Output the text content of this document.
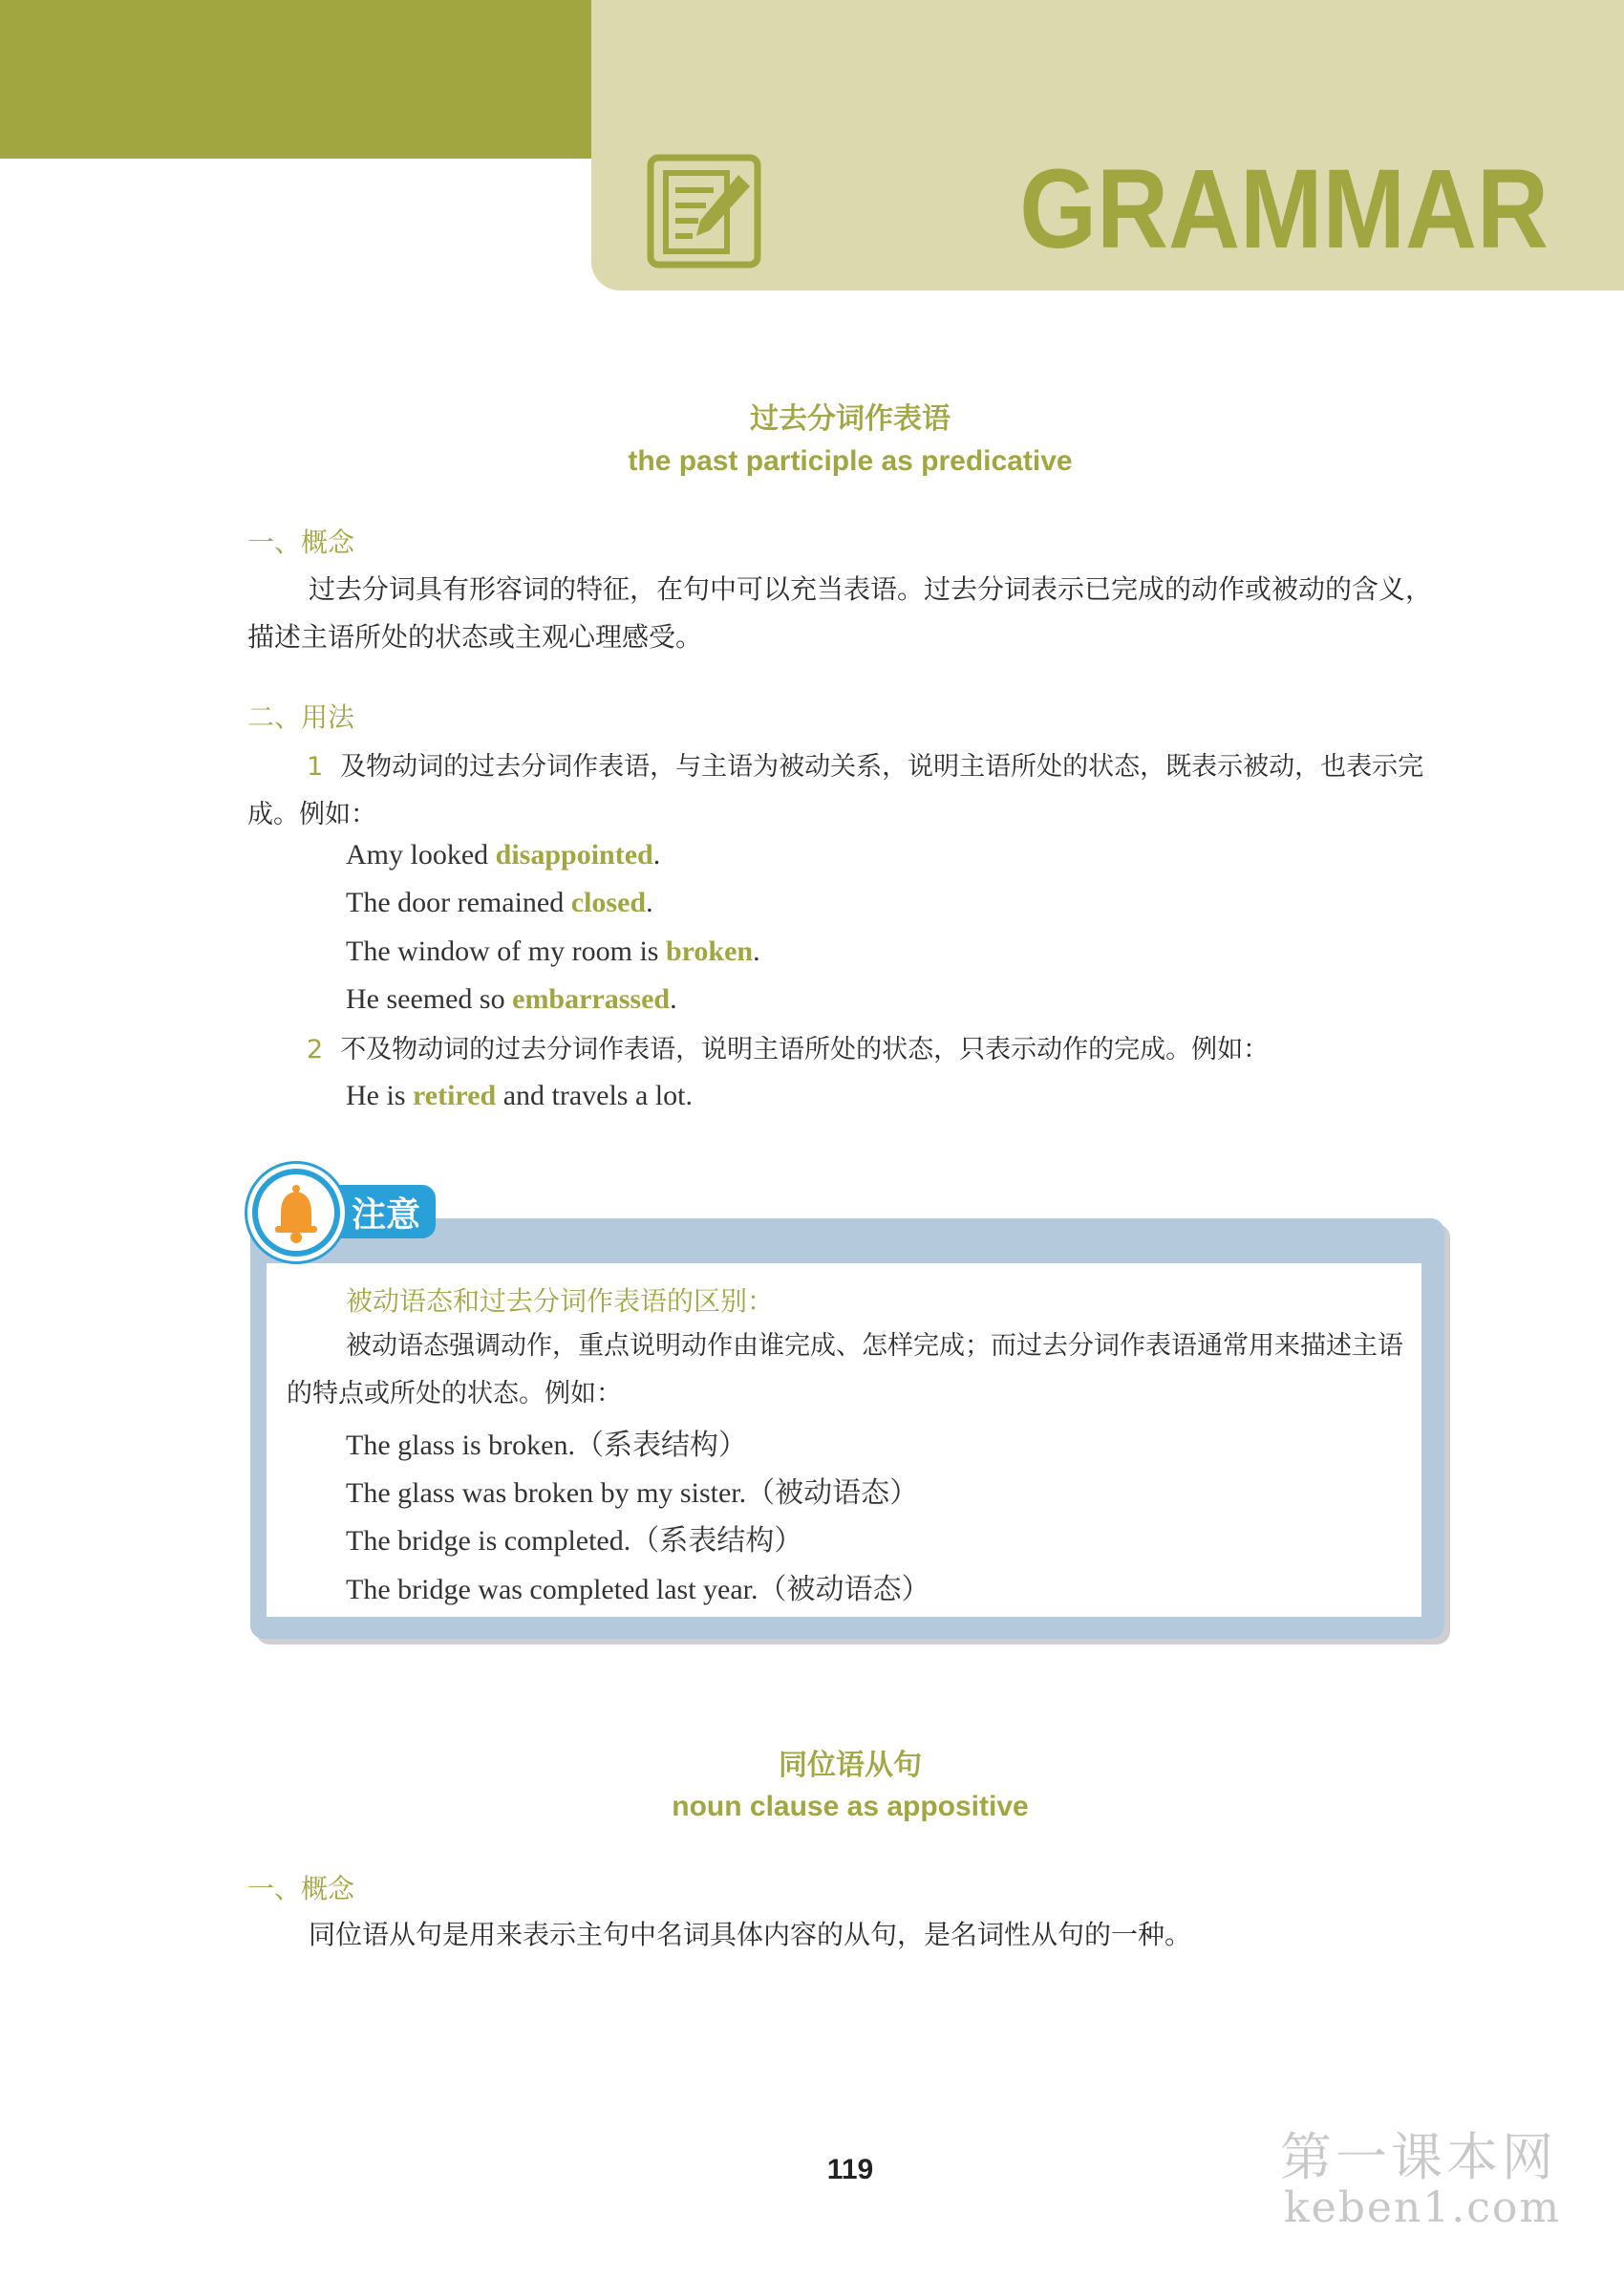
GRAMMAR
过去分词作表语
the past participle as predicative
一、概念
过去分词具有形容词的特征，在句中可以充当表语。过去分词表示已完成的动作或被动的含义，描述主语所处的状态或主观心理感受。
二、用法
1 及物动词的过去分词作表语，与主语为被动关系，说明主语所处的状态，既表示被动，也表示完成。例如：
Amy looked disappointed.
The door remained closed.
The window of my room is broken.
He seemed so embarrassed.
2 不及物动词的过去分词作表语，说明主语所处的状态，只表示动作的完成。例如：
He is retired and travels a lot.
注意
被动语态和过去分词作表语的区别：
被动语态强调动作，重点说明动作由谁完成、怎样完成；而过去分词作表语通常用来描述主语的特点或所处的状态。例如：
The glass is broken.（系表结构）
The glass was broken by my sister.（被动语态）
The bridge is completed.（系表结构）
The bridge was completed last year.（被动语态）
同位语从句
noun clause as appositive
一、概念
同位语从句是用来表示主句中名词具体内容的从句，是名词性从句的一种。
119	第一课本网
keben1.com
